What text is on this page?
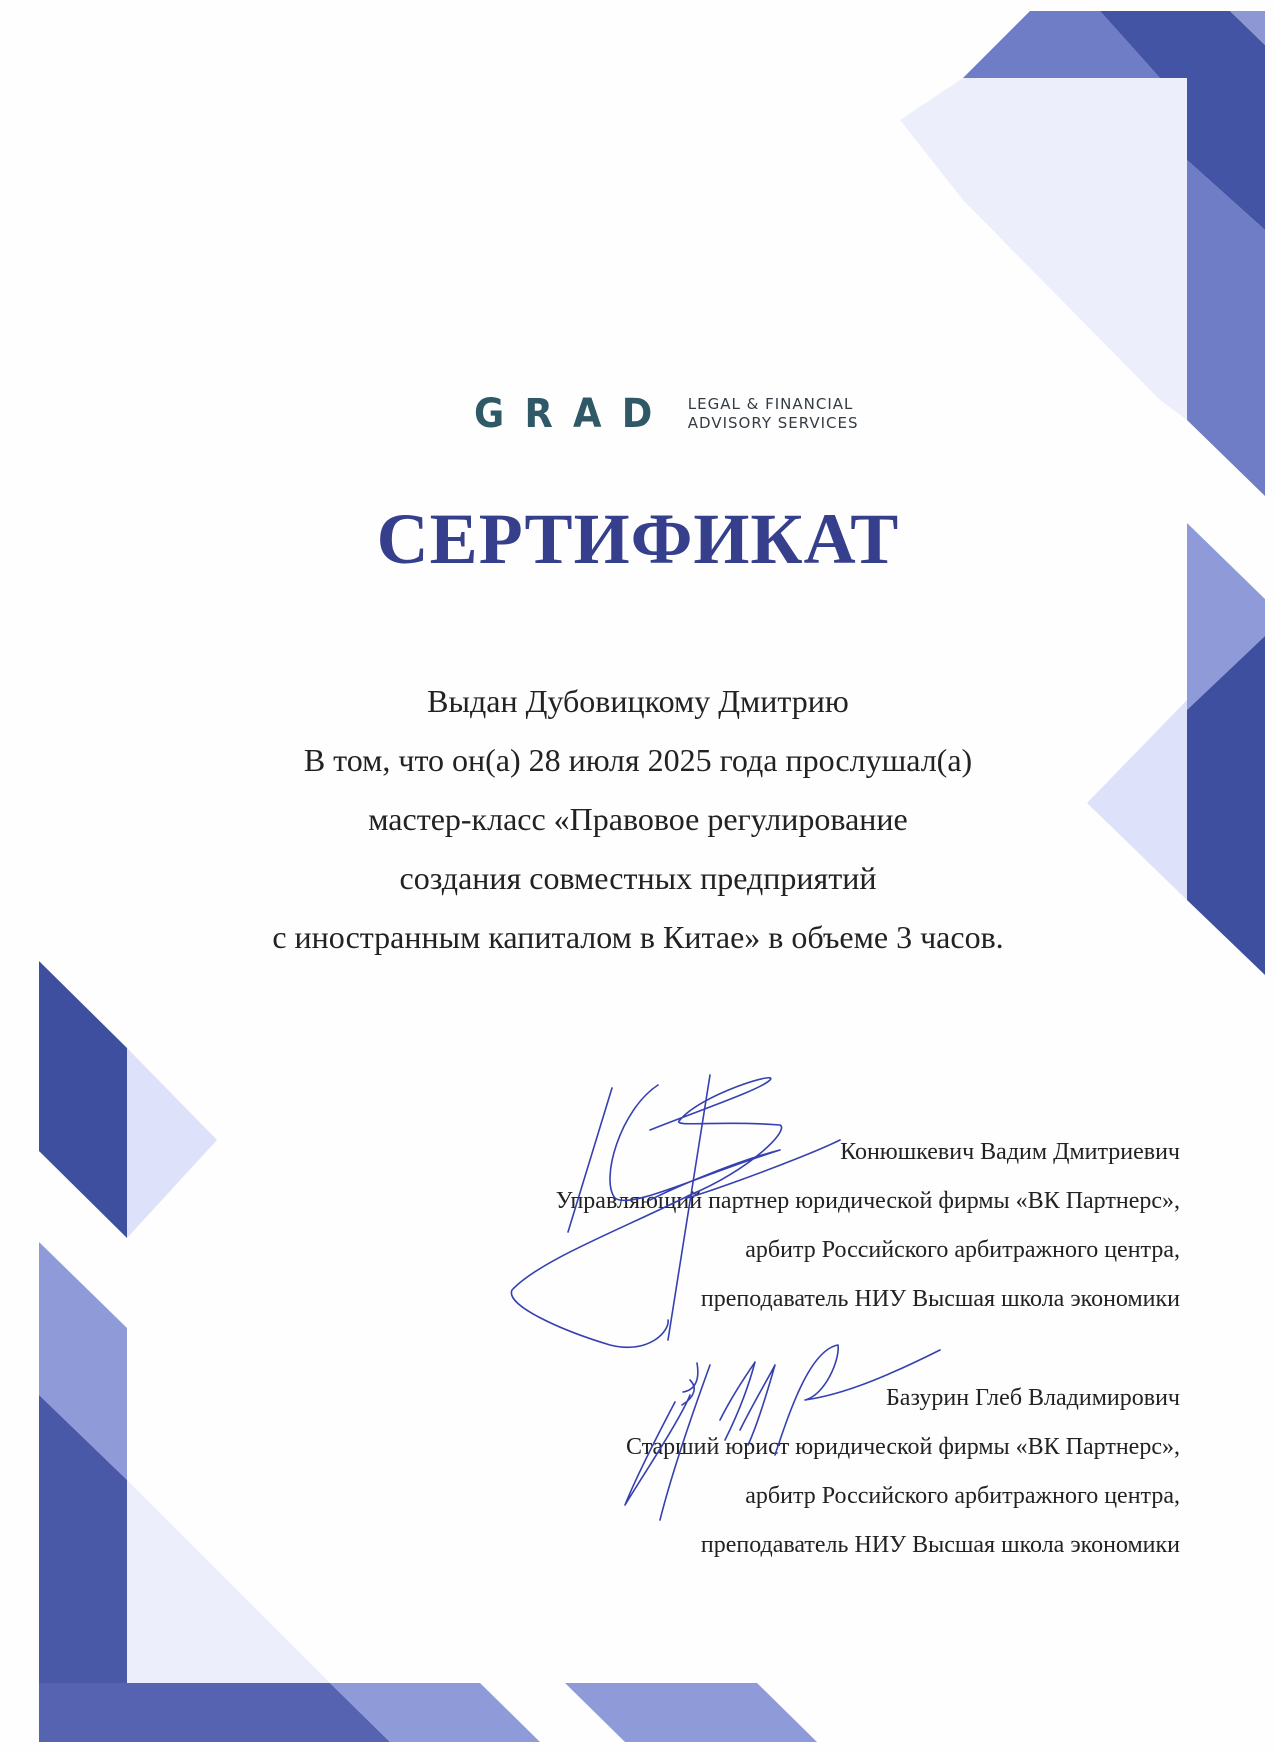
GRAD LEGAL & FINANCIAL
ADVISORY SERVICES
СЕРТИФИКАТ
Выдан Дубовицкому Дмитрию
В том, что он(а) 28 июля 2025 года прослушал(а)
мастер-класс «Правовое регулирование
создания совместных предприятий
с иностранным капиталом в Китае» в объеме 3 часов.
Конюшкевич Вадим Дмитриевич
Управляющий партнер юридической фирмы «ВК Партнерс»,
арбитр Российского арбитражного центра,
преподаватель НИУ Высшая школа экономики
Базурин Глеб Владимирович
Старший юрист юридической фирмы «ВК Партнерс»,
арбитр Российского арбитражного центра,
преподаватель НИУ Высшая школа экономики
